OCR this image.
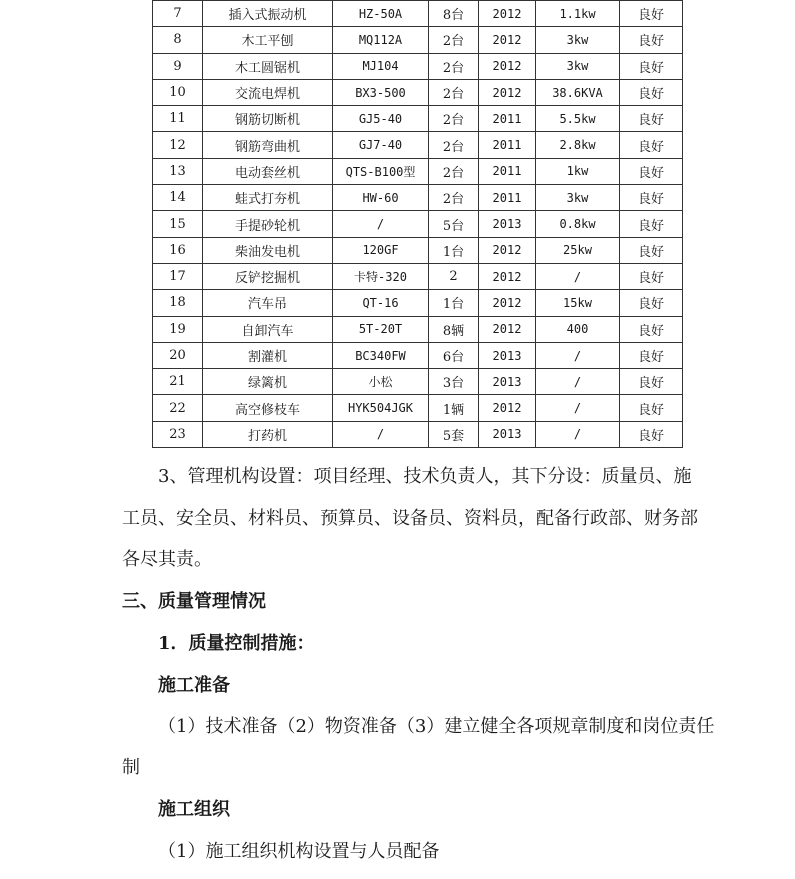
7	插入式振动机	HZ-50A	8台	2012	1.1kw	良好
8	木工平刨	MQ112A	2台	2012	3kw	良好
9	木工圆锯机	MJ104	2台	2012	3kw	良好
10	交流电焊机	BX3-500	2台	2012	38.6KVA	良好
11	钢筋切断机	GJ5-40	2台	2011	5.5kw	良好
12	钢筋弯曲机	GJ7-40	2台	2011	2.8kw	良好
13	电动套丝机	QTS-B100型	2台	2011	1kw	良好
14	蛙式打夯机	HW-60	2台	2011	3kw	良好
15	手提砂轮机	/	5台	2013	0.8kw	良好
16	柴油发电机	120GF	1台	2012	25kw	良好
17	反铲挖掘机	卡特-320	2	2012	/	良好
18	汽车吊	QT-16	1台	2012	15kw	良好
19	自卸汽车	5T-20T	8辆	2012	400	良好
20	割灌机	BC340FW	6台	2013	/	良好
21	绿篱机	小松	3台	2013	/	良好
22	高空修枝车	HYK504JGK	1辆	2012	/	良好
23	打药机	/	5套	2013	/	良好
3、管理机构设置：项目经理、技术负责人，其下分设：质量员、施
工员、安全员、材料员、预算员、设备员、资料员，配备行政部、财务部
各尽其责。
三、质量管理情况
1．质量控制措施：
施工准备
（1）技术准备（2）物资准备（3）建立健全各项规章制度和岗位责任
制
施工组织
（1）施工组织机构设置与人员配备
